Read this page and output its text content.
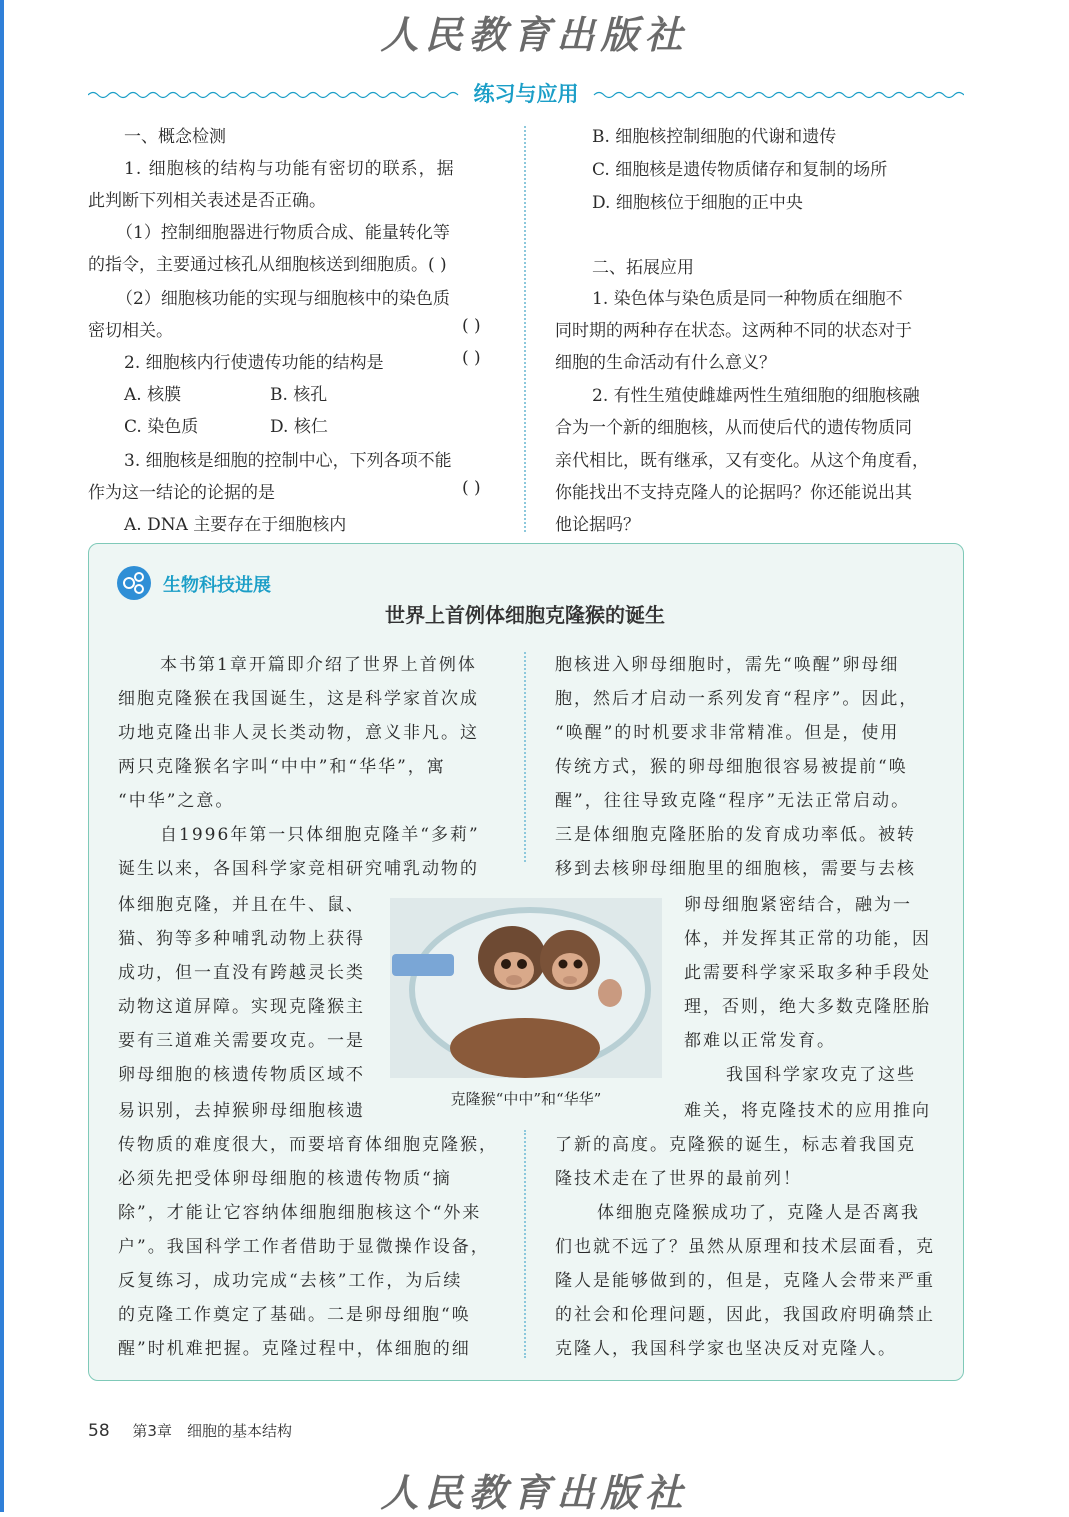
人民教育出版社
练习与应用
一、概念检测
1. 细胞核的结构与功能有密切的联系，据
此判断下列相关表述是否正确。
（1）控制细胞器进行物质合成、能量转化等
的指令，主要通过核孔从细胞核送到细胞质。( )
（2）细胞核功能的实现与细胞核中的染色质
密切相关。	( )
2. 细胞核内行使遗传功能的结构是	( )
A. 核膜	B. 核孔
C. 染色质	D. 核仁
3. 细胞核是细胞的控制中心，下列各项不能
作为这一结论的论据的是	( )
A. DNA 主要存在于细胞核内
B. 细胞核控制细胞的代谢和遗传
C. 细胞核是遗传物质储存和复制的场所
D. 细胞核位于细胞的正中央
二、拓展应用
1. 染色体与染色质是同一种物质在细胞不
同时期的两种存在状态。这两种不同的状态对于
细胞的生命活动有什么意义？
2. 有性生殖使雌雄两性生殖细胞的细胞核融
合为一个新的细胞核，从而使后代的遗传物质同
亲代相比，既有继承，又有变化。从这个角度看，
你能找出不支持克隆人的论据吗？你还能说出其
他论据吗？
生物科技进展
世界上首例体细胞克隆猴的诞生
本书第1章开篇即介绍了世界上首例体
细胞克隆猴在我国诞生，这是科学家首次成
功地克隆出非人灵长类动物，意义非凡。这
两只克隆猴名字叫“中中”和“华华”，寓
“中华”之意。
自1996年第一只体细胞克隆羊“多莉”
诞生以来，各国科学家竞相研究哺乳动物的
体细胞克隆，并且在牛、鼠、
猫、狗等多种哺乳动物上获得
成功，但一直没有跨越灵长类
动物这道屏障。实现克隆猴主
要有三道难关需要攻克。一是
卵母细胞的核遗传物质区域不
易识别，去掉猴卵母细胞核遗
传物质的难度很大，而要培育体细胞克隆猴，
必须先把受体卵母细胞的核遗传物质“摘
除”，才能让它容纳体细胞细胞核这个“外来
户”。我国科学工作者借助于显微操作设备，
反复练习，成功完成“去核”工作，为后续
的克隆工作奠定了基础。二是卵母细胞“唤
醒”时机难把握。克隆过程中，体细胞的细
胞核进入卵母细胞时，需先“唤醒”卵母细
胞，然后才启动一系列发育“程序”。因此，
“唤醒”的时机要求非常精准。但是，使用
传统方式，猴的卵母细胞很容易被提前“唤
醒”，往往导致克隆“程序”无法正常启动。
三是体细胞克隆胚胎的发育成功率低。被转
移到去核卵母细胞里的细胞核，需要与去核
卵母细胞紧密结合，融为一
体，并发挥其正常的功能，因
此需要科学家采取多种手段处
理，否则，绝大多数克隆胚胎
都难以正常发育。
我国科学家攻克了这些
难关，将克隆技术的应用推向
了新的高度。克隆猴的诞生，标志着我国克
隆技术走在了世界的最前列！
体细胞克隆猴成功了，克隆人是否离我
们也就不远了？虽然从原理和技术层面看，克
隆人是能够做到的，但是，克隆人会带来严重
的社会和伦理问题，因此，我国政府明确禁止
克隆人，我国科学家也坚决反对克隆人。
克隆猴“中中”和“华华”
58 第3章　细胞的基本结构
人民教育出版社
